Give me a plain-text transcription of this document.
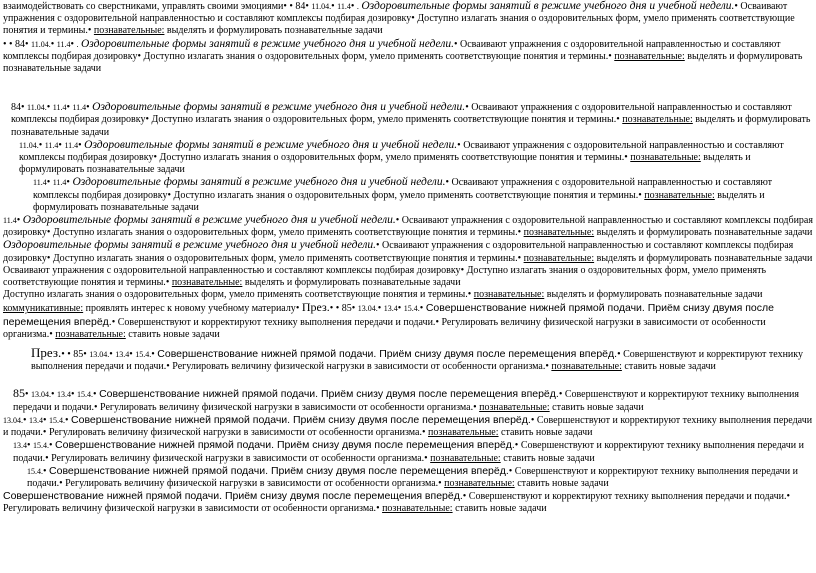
взаимодействовать со сверстниками, управлять своими эмоциями• • 84• 11.04.• 11.4• . Оздоровительные формы занятий в режиме учебного дня и учебной недели.• Осваивают упражнения с оздоровительной направленностью и составляют комплексы подбирая дозировку• Доступно излагать знания о оздоровительных форм, умело применять соответствующие понятия и термины.• познавательные: выделять и формулировать познавательные задачи

• • 84• 11.04.• 11.4• . Оздоровительные формы занятий в режиме учебного дня и учебной недели.• Осваивают упражнения с оздоровительной направленностью и составляют комплексы подбирая дозировку• Доступно излагать знания о оздоровительных форм, умело применять соответствующие понятия и термины.• познавательные: выделять и формулировать познавательные задачи

84• 11.04.• 11.4• 11.4• Оздоровительные формы занятий в режиме учебного дня и учебной недели.• Осваивают упражнения с оздоровительной направленностью и составляют комплексы подбирая дозировку• Доступно излагать знания о оздоровительных форм, умело применять соответствующие понятия и термины.• познавательные: выделять и формулировать познавательные задачи

11.04.• 11.4• 11.4• Оздоровительные формы занятий в режиме учебного дня и учебной недели.• Осваивают упражнения с оздоровительной направленностью и составляют комплексы подбирая дозировку• Доступно излагать знания о оздоровительных форм, умело применять соответствующие понятия и термины.• познавательные: выделять и формулировать познавательные задачи

11.4• 11.4• Оздоровительные формы занятий в режиме учебного дня и учебной недели.• Осваивают упражнения с оздоровительной направленностью и составляют комплексы подбирая дозировку• Доступно излагать знания о оздоровительных форм, умело применять соответствующие понятия и термины.• познавательные: выделять и формулировать познавательные задачи

11.4• Оздоровительные формы занятий в режиме учебного дня и учебной недели.• Осваивают упражнения с оздоровительной направленностью и составляют комплексы подбирая дозировку• Доступно излагать знания о оздоровительных форм, умело применять соответствующие понятия и термины.• познавательные: выделять и формулировать познавательные задачи

Оздоровительные формы занятий в режиме учебного дня и учебной недели.• Осваивают упражнения с оздоровительной направленностью и составляют комплексы подбирая дозировку• Доступно излагать знания о оздоровительных форм, умело применять соответствующие понятия и термины.• познавательные: выделять и формулировать познавательные задачи

Осваивают упражнения с оздоровительной направленностью и составляют комплексы подбирая дозировку• Доступно излагать знания о оздоровительных форм, умело применять соответствующие понятия и термины.• познавательные: выделять и формулировать познавательные задачи

Доступно излагать знания о оздоровительных форм, умело применять соответствующие понятия и термины.• познавательные: выделять и формулировать познавательные задачи

коммуникативные: проявлять интерес к новому учебному материалу• През.• • 85• 13.04.• 13.4• 15.4.• Совершенствование нижней прямой подачи. Приём снизу двумя после перемещения вперёд.• Совершенствуют и корректируют технику выполнения передачи и подачи.• Регулировать величину физической нагрузки в зависимости от особенности организма.• познавательные: ставить новые задачи

През.• • 85• 13.04.• 13.4• 15.4.• Совершенствование нижней прямой подачи. Приём снизу двумя после перемещения вперёд.• Совершенствуют и корректируют технику выполнения передачи и подачи.• Регулировать величину физической нагрузки в зависимости от особенности организма.• познавательные: ставить новые задачи

85• 13.04.• 13.4• 15.4.• Совершенствование нижней прямой подачи. Приём снизу двумя после перемещения вперёд.• Совершенствуют и корректируют технику выполнения передачи и подачи.• Регулировать величину физической нагрузки в зависимости от особенности организма.• познавательные: ставить новые задачи

13.04.• 13.4• 15.4.• Совершенствование нижней прямой подачи. Приём снизу двумя после перемещения вперёд.• Совершенствуют и корректируют технику выполнения передачи и подачи.• Регулировать величину физической нагрузки в зависимости от особенности организма.• познавательные: ставить новые задачи

13.4• 15.4.• Совершенствование нижней прямой подачи. Приём снизу двумя после перемещения вперёд.• Совершенствуют и корректируют технику выполнения передачи и подачи.• Регулировать величину физической нагрузки в зависимости от особенности организма.• познавательные: ставить новые задачи

15.4.• Совершенствование нижней прямой подачи. Приём снизу двумя после перемещения вперёд.• Совершенствуют и корректируют технику выполнения передачи и подачи.• Регулировать величину физической нагрузки в зависимости от особенности организма.• познавательные: ставить новые задачи

Совершенствование нижней прямой подачи. Приём снизу двумя после перемещения вперёд.• Совершенствуют и корректируют технику выполнения передачи и подачи.• Регулировать величину физической нагрузки в зависимости от особенности организма.• познавательные: ставить новые задачи
